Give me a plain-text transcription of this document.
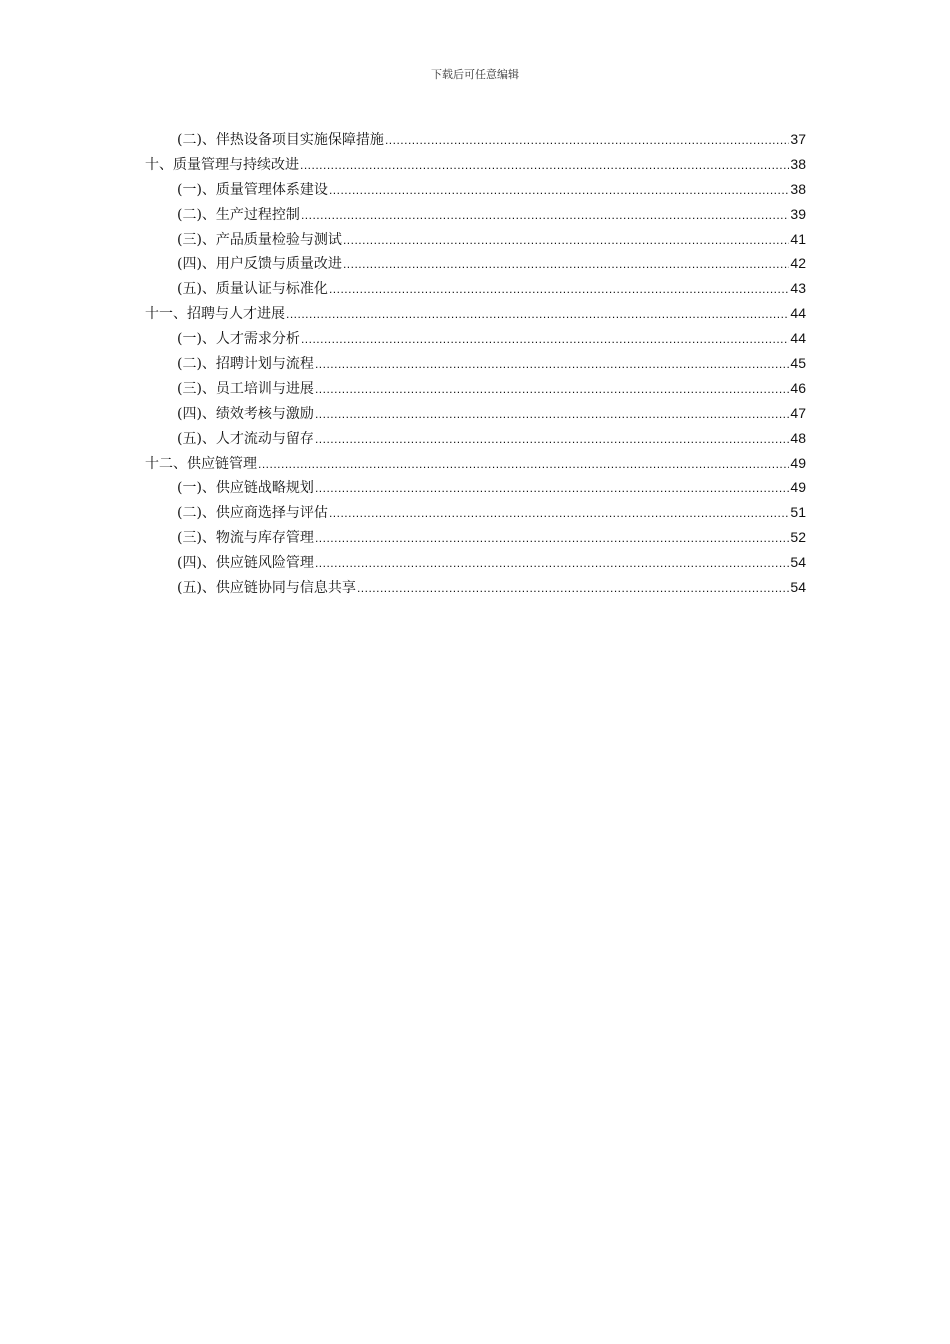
下载后可任意编辑
(二)、伴热设备项目实施保障措施 .....	37
十、质量管理与持续改进 .....	38
(一)、质量管理体系建设 .....	38
(二)、生产过程控制 .....	39
(三)、产品质量检验与测试 .....	41
(四)、用户反馈与质量改进 .....	42
(五)、质量认证与标准化 .....	43
十一、招聘与人才进展 .....	44
(一)、人才需求分析 .....	44
(二)、招聘计划与流程 .....	45
(三)、员工培训与进展 .....	46
(四)、绩效考核与激励 .....	47
(五)、人才流动与留存 .....	48
十二、供应链管理 .....	49
(一)、供应链战略规划 .....	49
(二)、供应商选择与评估 .....	51
(三)、物流与库存管理 .....	52
(四)、供应链风险管理 .....	54
(五)、供应链协同与信息共享 .....	54
